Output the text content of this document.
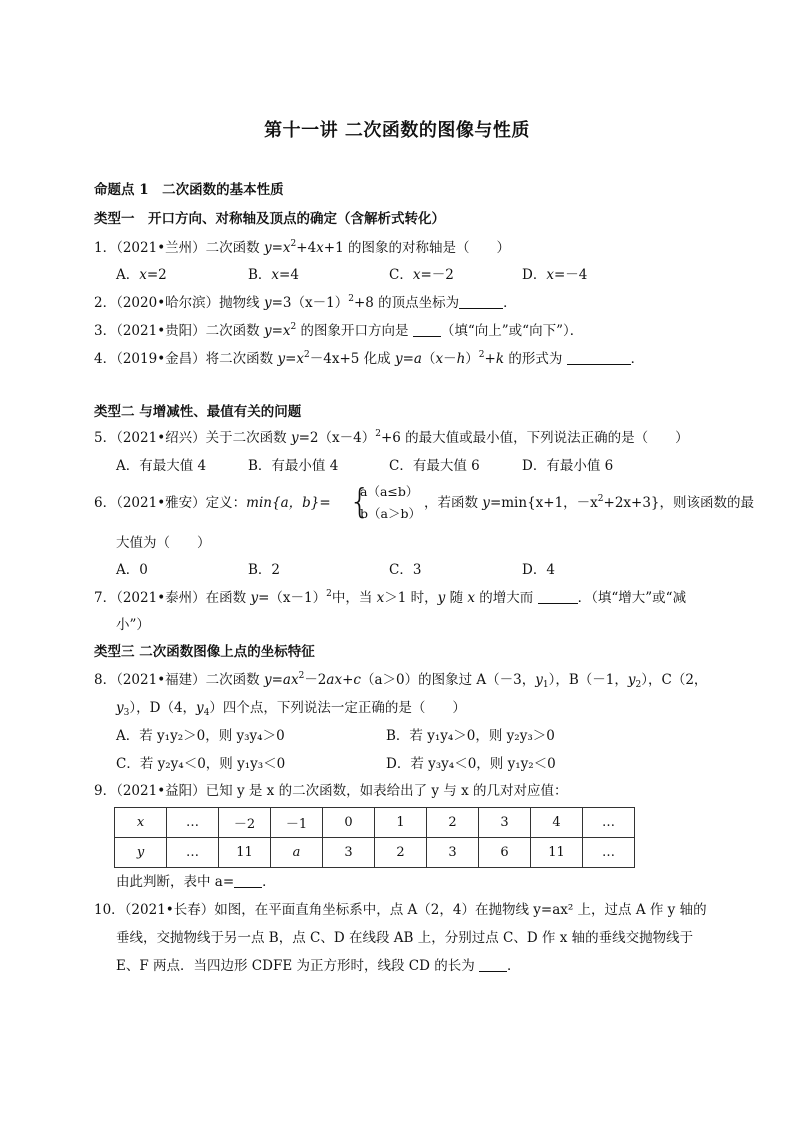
第十一讲 二次函数的图像与性质
命题点 1　二次函数的基本性质
类型一　开口方向、对称轴及顶点的确定（含解析式转化）
1．（2021•兰州）二次函数 $y=x^2+4x+1$ 的图象的对称轴是（　　）
A．x=2	B．x=4	C．x=－2	D．x=－4
2．（2020•哈尔滨）抛物线 $y=3(x-1)^2+8$ 的顶点坐标为	．
3．（2021•贵阳）二次函数 $y=x^2$ 的图象开口方向是 （填“向上”或“向下”）．
4．（2019•金昌）将二次函数 $y=x^2-4x+5$ 化成 $y=a(x-h)^2+k$ 的形式为	．
类型二 与增减性、最值有关的问题
5．（2021•绍兴）关于二次函数 $y=2(x-4)^2+6$ 的最大值或最小值，下列说法正确的是（　　）
A．有最大值 4	B．有最小值 4	C．有最大值 6	D．有最小值 6
6．（2021•雅安）定义：min{a，b}= {
a（a≤b）
b（a＞b）
，若函数 y=min{x+1，$-x^2+2x+3$}，则该函数的最
大值为（　　）
A．0	B．2	C．3	D．4
7．（2021•泰州）在函数 $y=(x-1)^2$中，当 x＞1 时，y 随 x 的增大而	．（填“增大”或“减
小”）
类型三 二次函数图像上点的坐标特征
8．（2021•福建）二次函数 $y=ax^2-2ax+c(a>0)$的图象过 A（－3，$y_1$），B（－1，$y_2$），C（2，
$y_3$），D（4，$y_4$）四个点，下列说法一定正确的是（　　）
A．若 y₁y₂＞0，则 y₃y₄＞0	B．若 y₁y₄＞0，则 y₂y₃＞0
C．若 y₂y₄＜0，则 y₁y₃＜0	D．若 y₃y₄＜0，则 y₁y₂＜0
9．（2021•益阳）已知 y 是 x 的二次函数，如表给出了 y 与 x 的几对对应值：
x	…	－2	－1	0	1	2	3	4	…
y	…	11	a	3	2	3	6	11	…
由此判断，表中 a= ．
10．（2021•长春）如图，在平面直角坐标系中，点 A（2，4）在抛物线 y=ax² 上，过点 A 作 y 轴的
垂线，交抛物线于另一点 B，点 C、D 在线段 AB 上，分别过点 C、D 作 x 轴的垂线交抛物线于
E、F 两点．当四边形 CDFE 为正方形时，线段 CD 的长为 ．
